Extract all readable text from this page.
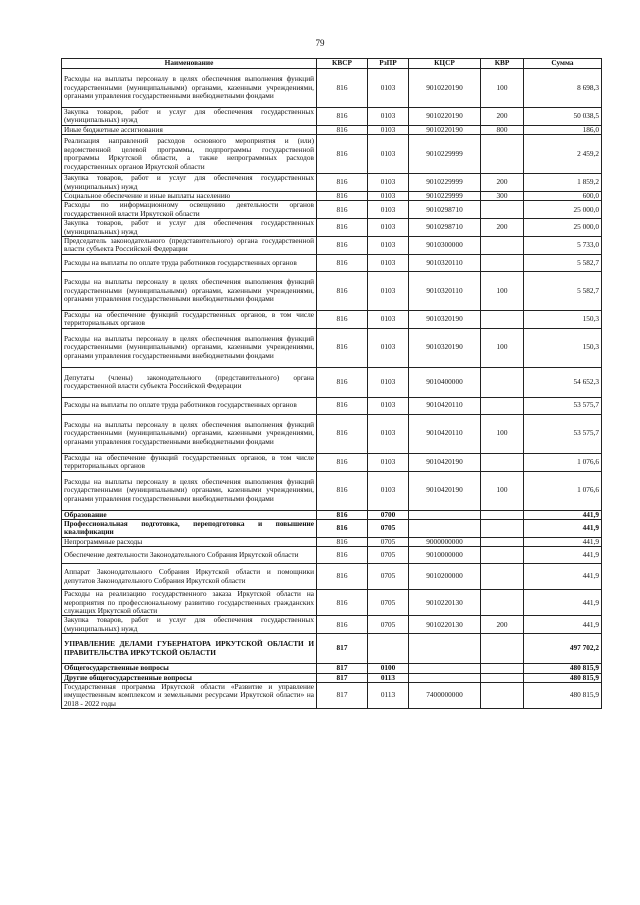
79
Наименование	КВСР	РзПР	КЦСР	КВР	Сумма
Расходы на выплаты персоналу в целях обеспечения выполнения функций государственными (муниципальными) органами, казенными учреждениями, органами управления государственными внебюджетными фондами	816	0103	9010220190	100	8 698,3
Закупка товаров, работ и услуг для обеспечения государственных (муниципальных) нужд	816	0103	9010220190	200	50 038,5
Иные бюджетные ассигнования	816	0103	9010220190	800	186,0
Реализация направлений расходов основного мероприятия и (или) ведомственной целевой программы, подпрограммы государственной программы Иркутской области, а также непрограммных расходов государственных органов Иркутской области	816	0103	9010229999		2 459,2
Закупка товаров, работ и услуг для обеспечения государственных (муниципальных) нужд	816	0103	9010229999	200	1 859,2
Социальное обеспечение и иные выплаты населению	816	0103	9010229999	300	600,0
Расходы по информационному освещению деятельности органов государственной власти Иркутской области	816	0103	9010298710		25 000,0
Закупка товаров, работ и услуг для обеспечения государственных (муниципальных) нужд	816	0103	9010298710	200	25 000,0
Председатель законодательного (представительного) органа государственной власти субъекта Российской Федерации	816	0103	9010300000		5 733,0
Расходы на выплаты по оплате труда работников государственных органов	816	0103	9010320110		5 582,7
Расходы на выплаты персоналу в целях обеспечения выполнения функций государственными (муниципальными) органами, казенными учреждениями, органами управления государственными внебюджетными фондами	816	0103	9010320110	100	5 582,7
Расходы на обеспечение функций государственных органов, в том числе территориальных органов	816	0103	9010320190		150,3
Расходы на выплаты персоналу в целях обеспечения выполнения функций государственными (муниципальными) органами, казенными учреждениями, органами управления государственными внебюджетными фондами	816	0103	9010320190	100	150,3
Депутаты (члены) законодательного (представительного) органа государственной власти субъекта Российской Федерации	816	0103	9010400000		54 652,3
Расходы на выплаты по оплате труда работников государственных органов	816	0103	9010420110		53 575,7
Расходы на выплаты персоналу в целях обеспечения выполнения функций государственными (муниципальными) органами, казенными учреждениями, органами управления государственными внебюджетными фондами	816	0103	9010420110	100	53 575,7
Расходы на обеспечение функций государственных органов, в том числе территориальных органов	816	0103	9010420190		1 076,6
Расходы на выплаты персоналу в целях обеспечения выполнения функций государственными (муниципальными) органами, казенными учреждениями, органами управления государственными внебюджетными фондами	816	0103	9010420190	100	1 076,6
Образование	816	0700			441,9
Профессиональная подготовка, переподготовка и повышение квалификации	816	0705			441,9
Непрограммные расходы	816	0705	9000000000		441,9
Обеспечение деятельности Законодательного Собрания Иркутской области	816	0705	9010000000		441,9
Аппарат Законодательного Собрания Иркутской области и помощники депутатов Законодательного Собрания Иркутской области	816	0705	9010200000		441,9
Расходы на реализацию государственного заказа Иркутской области на мероприятия по профессиональному развитию государственных гражданских служащих Иркутской области	816	0705	9010220130		441,9
Закупка товаров, работ и услуг для обеспечения государственных (муниципальных) нужд	816	0705	9010220130	200	441,9
УПРАВЛЕНИЕ ДЕЛАМИ ГУБЕРНАТОРА ИРКУТСКОЙ ОБЛАСТИ И ПРАВИТЕЛЬСТВА ИРКУТСКОЙ ОБЛАСТИ	817				497 702,2
Общегосударственные вопросы	817	0100			480 815,9
Другие общегосударственные вопросы	817	0113			480 815,9
Государственная программа Иркутской области «Развитие и управление имущественным комплексом и земельными ресурсами Иркутской области» на 2018 - 2022 годы	817	0113	7400000000		480 815,9
